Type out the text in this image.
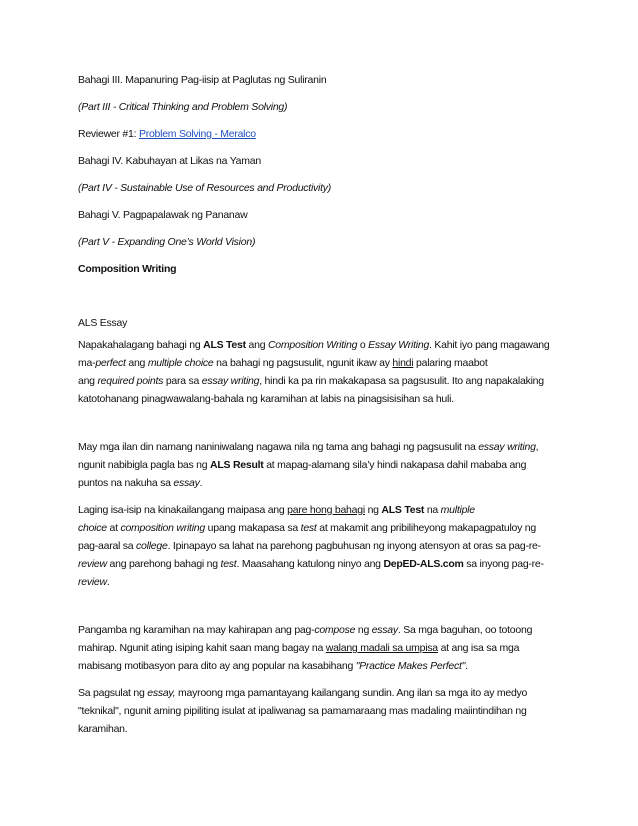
Bahagi III. Mapanuring Pag-iisip at Paglutas ng Suliranin
(Part III - Critical Thinking and Problem Solving)
Reviewer #1: Problem Solving - Meralco
Bahagi IV. Kabuhayan at Likas na Yaman
(Part IV - Sustainable Use of Resources and Productivity)
Bahagi V. Pagpapalawak ng Pananaw
(Part V - Expanding One’s World Vision)
Composition Writing
ALS Essay
Napakahalagang bahagi ng ALS Test ang Composition Writing o Essay Writing. Kahit iyo pang magawang
ma-perfect ang multiple choice na bahagi ng pagsusulit, ngunit ikaw ay hindi palaring maabot
ang required points para sa essay writing, hindi ka pa rin makakapasa sa pagsusulit. Ito ang napakalaking
katotohanang pinagwawalang-bahala ng karamihan at labis na pinagsisisihan sa huli.
May mga ilan din namang naniniwalang nagawa nila ng tama ang bahagi ng pagsusulit na essay writing,
ngunit nabibigla pagla bas ng ALS Result at mapag-alamang sila’y hindi nakapasa dahil mababa ang
puntos na nakuha sa essay.
Laging isa-isip na kinakailangang maipasa ang pare hong bahagi ng ALS Test na multiple
choice at composition writing upang makapasa sa test at makamit ang pribiliheyong makapagpatuloy ng
pag-aaral sa college. Ipinapayo sa lahat na parehong pagbuhusan ng inyong atensyon at oras sa pag-re-
review ang parehong bahagi ng test. Maasahang katulong ninyo ang DepED-ALS.com sa inyong pag-re-
review.
Pangamba ng karamihan na may kahirapan ang pag-compose ng essay. Sa mga baguhan, oo totoong
mahirap. Ngunit ating isiping kahit saan mang bagay na walang madali sa umpisa at ang isa sa mga
mabisang motibasyon para dito ay ang popular na kasabihang "Practice Makes Perfect".
Sa pagsulat ng essay, mayroong mga pamantayang kailangang sundin. Ang ilan sa mga ito ay medyo
"teknikal", ngunit aming pipiliting isulat at ipaliwanag sa pamamaraang mas madaling maiintindihan ng
karamihan.
